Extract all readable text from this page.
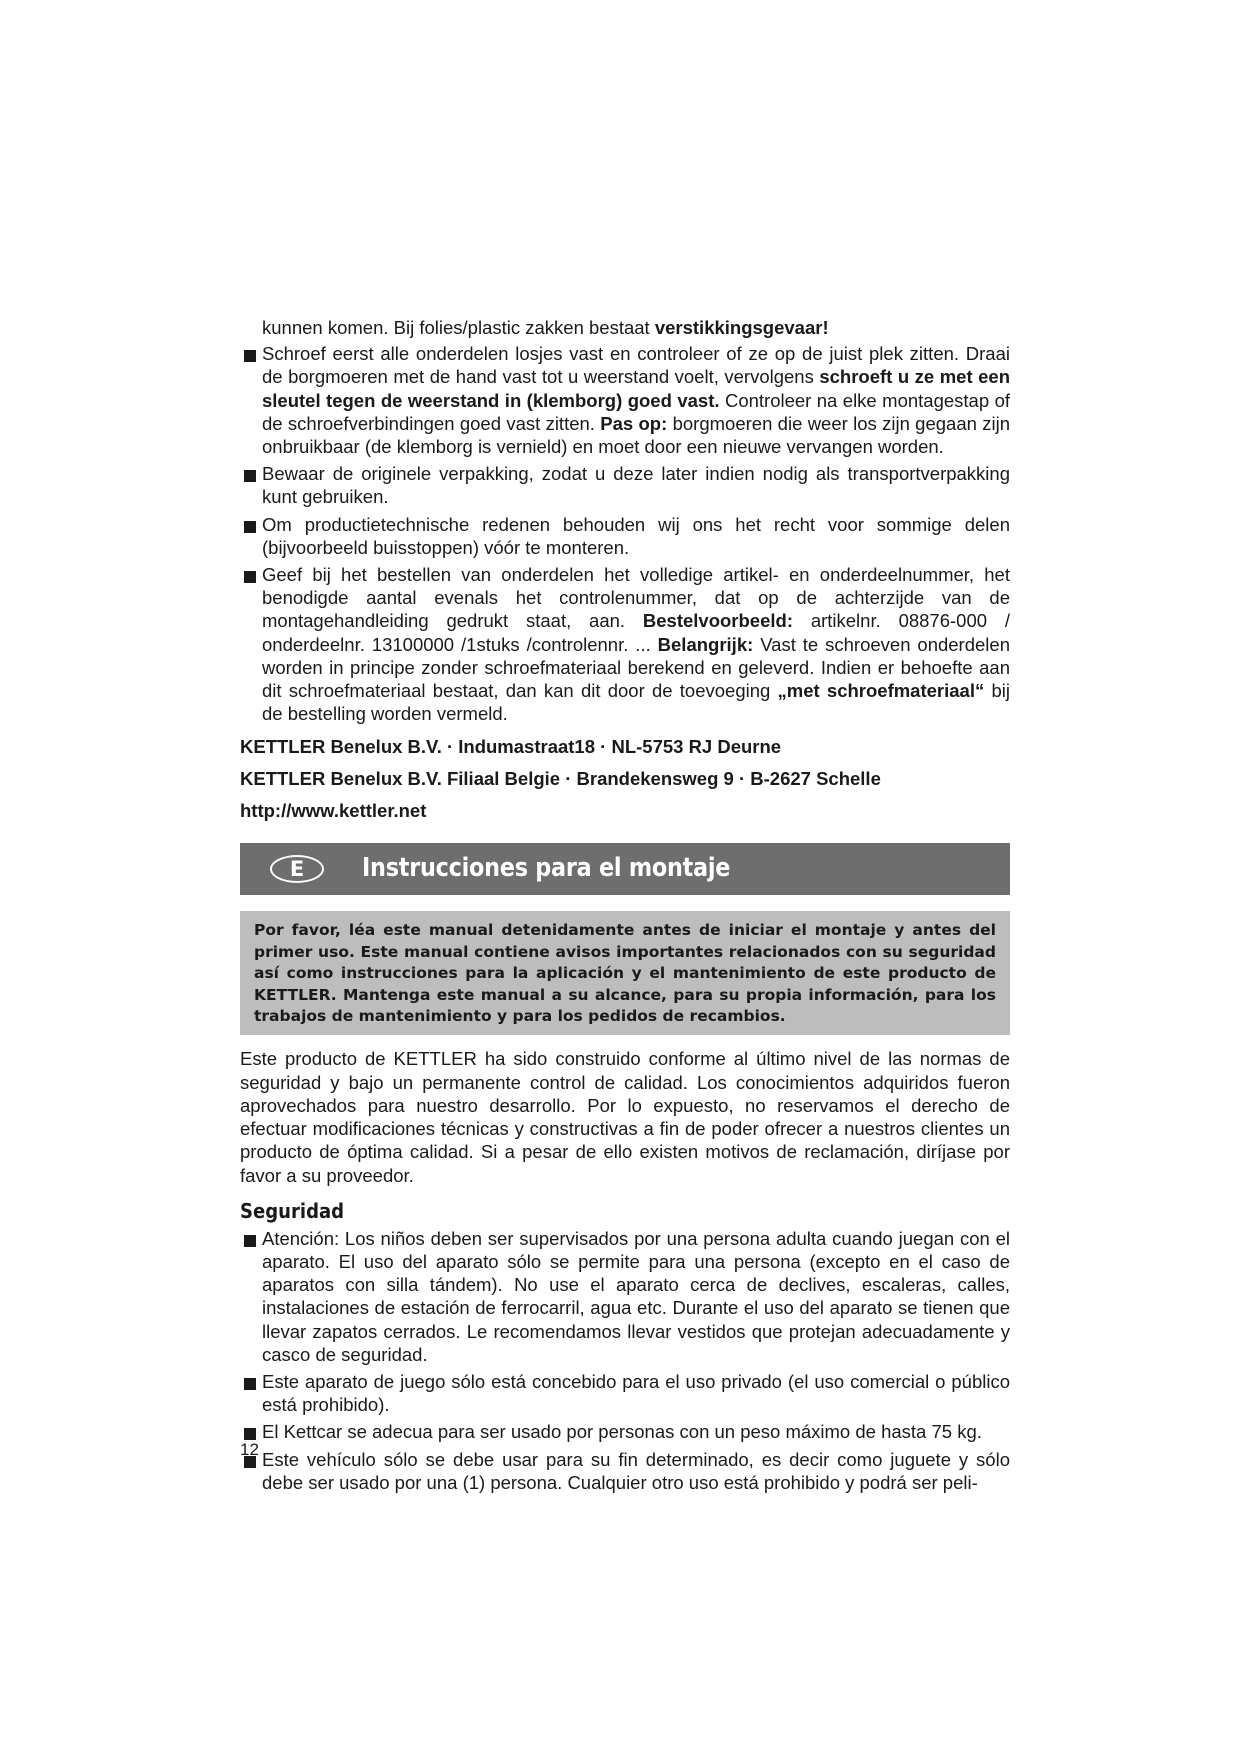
kunnen komen. Bij folies/plastic zakken bestaat verstikkingsgevaar!

Schroef eerst alle onderdelen losjes vast en controleer of ze op de juist plek zitten. Draai de borgmoeren met de hand vast tot u weerstand voelt, vervolgens schroeft u ze met een sleutel tegen de weerstand in (klemborg) goed vast. Controleer na elke montagestap of de schroefverbindingen goed vast zitten. Pas op: borgmoeren die weer los zijn gegaan zijn onbruikbaar (de klemborg is vernield) en moet door een nieuwe vervangen worden.
Bewaar de originele verpakking, zodat u deze later indien nodig als transportverpakking kunt gebruiken.
Om productietechnische redenen behouden wij ons het recht voor sommige delen (bijvoorbeeld buisstoppen) vóór te monteren.
Geef bij het bestellen van onderdelen het volledige artikel- en onderdeelnummer, het benodigde aantal evenals het controlenummer, dat op de achterzijde van de montagehandleiding gedrukt staat, aan. Bestelvoorbeeld: artikelnr. 08876-000 / onderdeelnr. 13100000 /1stuks /controlennr. ... Belangrijk: Vast te schroeven onderdelen worden in principe zonder schroefmateriaal berekend en geleverd. Indien er behoefte aan dit schroefmateriaal bestaat, dan kan dit door de toevoeging „met schroefmateriaal“ bij de bestelling worden vermeld.

KETTLER Benelux B.V. · Indumastraat18 · NL-5753 RJ Deurne

KETTLER Benelux B.V. Filiaal Belgie · Brandekensweg 9 · B-2627 Schelle

http://www.kettler.net

E	Instrucciones para el montaje
Por favor, léa este manual detenidamente antes de iniciar el montaje y antes del primer uso. Este manual contiene avisos importantes relacionados con su seguridad así como instrucciones para la aplicación y el mantenimiento de este producto de KETTLER. Mantenga este manual a su alcance, para su propia información, para los trabajos de mantenimiento y para los pedidos de recambios.

Este producto de KETTLER ha sido construido conforme al último nivel de las normas de seguridad y bajo un permanente control de calidad. Los conocimientos adquiridos fueron aprovechados para nuestro desarrollo. Por lo expuesto, no reservamos el derecho de efectuar modificaciones técnicas y constructivas a fin de poder ofrecer a nuestros clientes un producto de óptima calidad. Si a pesar de ello existen motivos de reclamación, diríjase por favor a su proveedor.

Seguridad
Atención: Los niños deben ser supervisados por una persona adulta cuando juegan con el aparato. El uso del aparato sólo se permite para una persona (excepto en el caso de aparatos con silla tándem). No use el aparato cerca de declives, escaleras, calles, instalaciones de estación de ferrocarril, agua etc. Durante el uso del aparato se tienen que llevar zapatos cerrados. Le recomendamos llevar vestidos que protejan adecuadamente y casco de seguridad.
Este aparato de juego sólo está concebido para el uso privado (el uso comercial o público está prohibido).
El Kettcar se adecua para ser usado por personas con un peso máximo de hasta 75 kg.
Este vehículo sólo se debe usar para su fin determinado, es decir como juguete y sólo debe ser usado por una (1) persona. Cualquier otro uso está prohibido y podrá ser peli-
12
